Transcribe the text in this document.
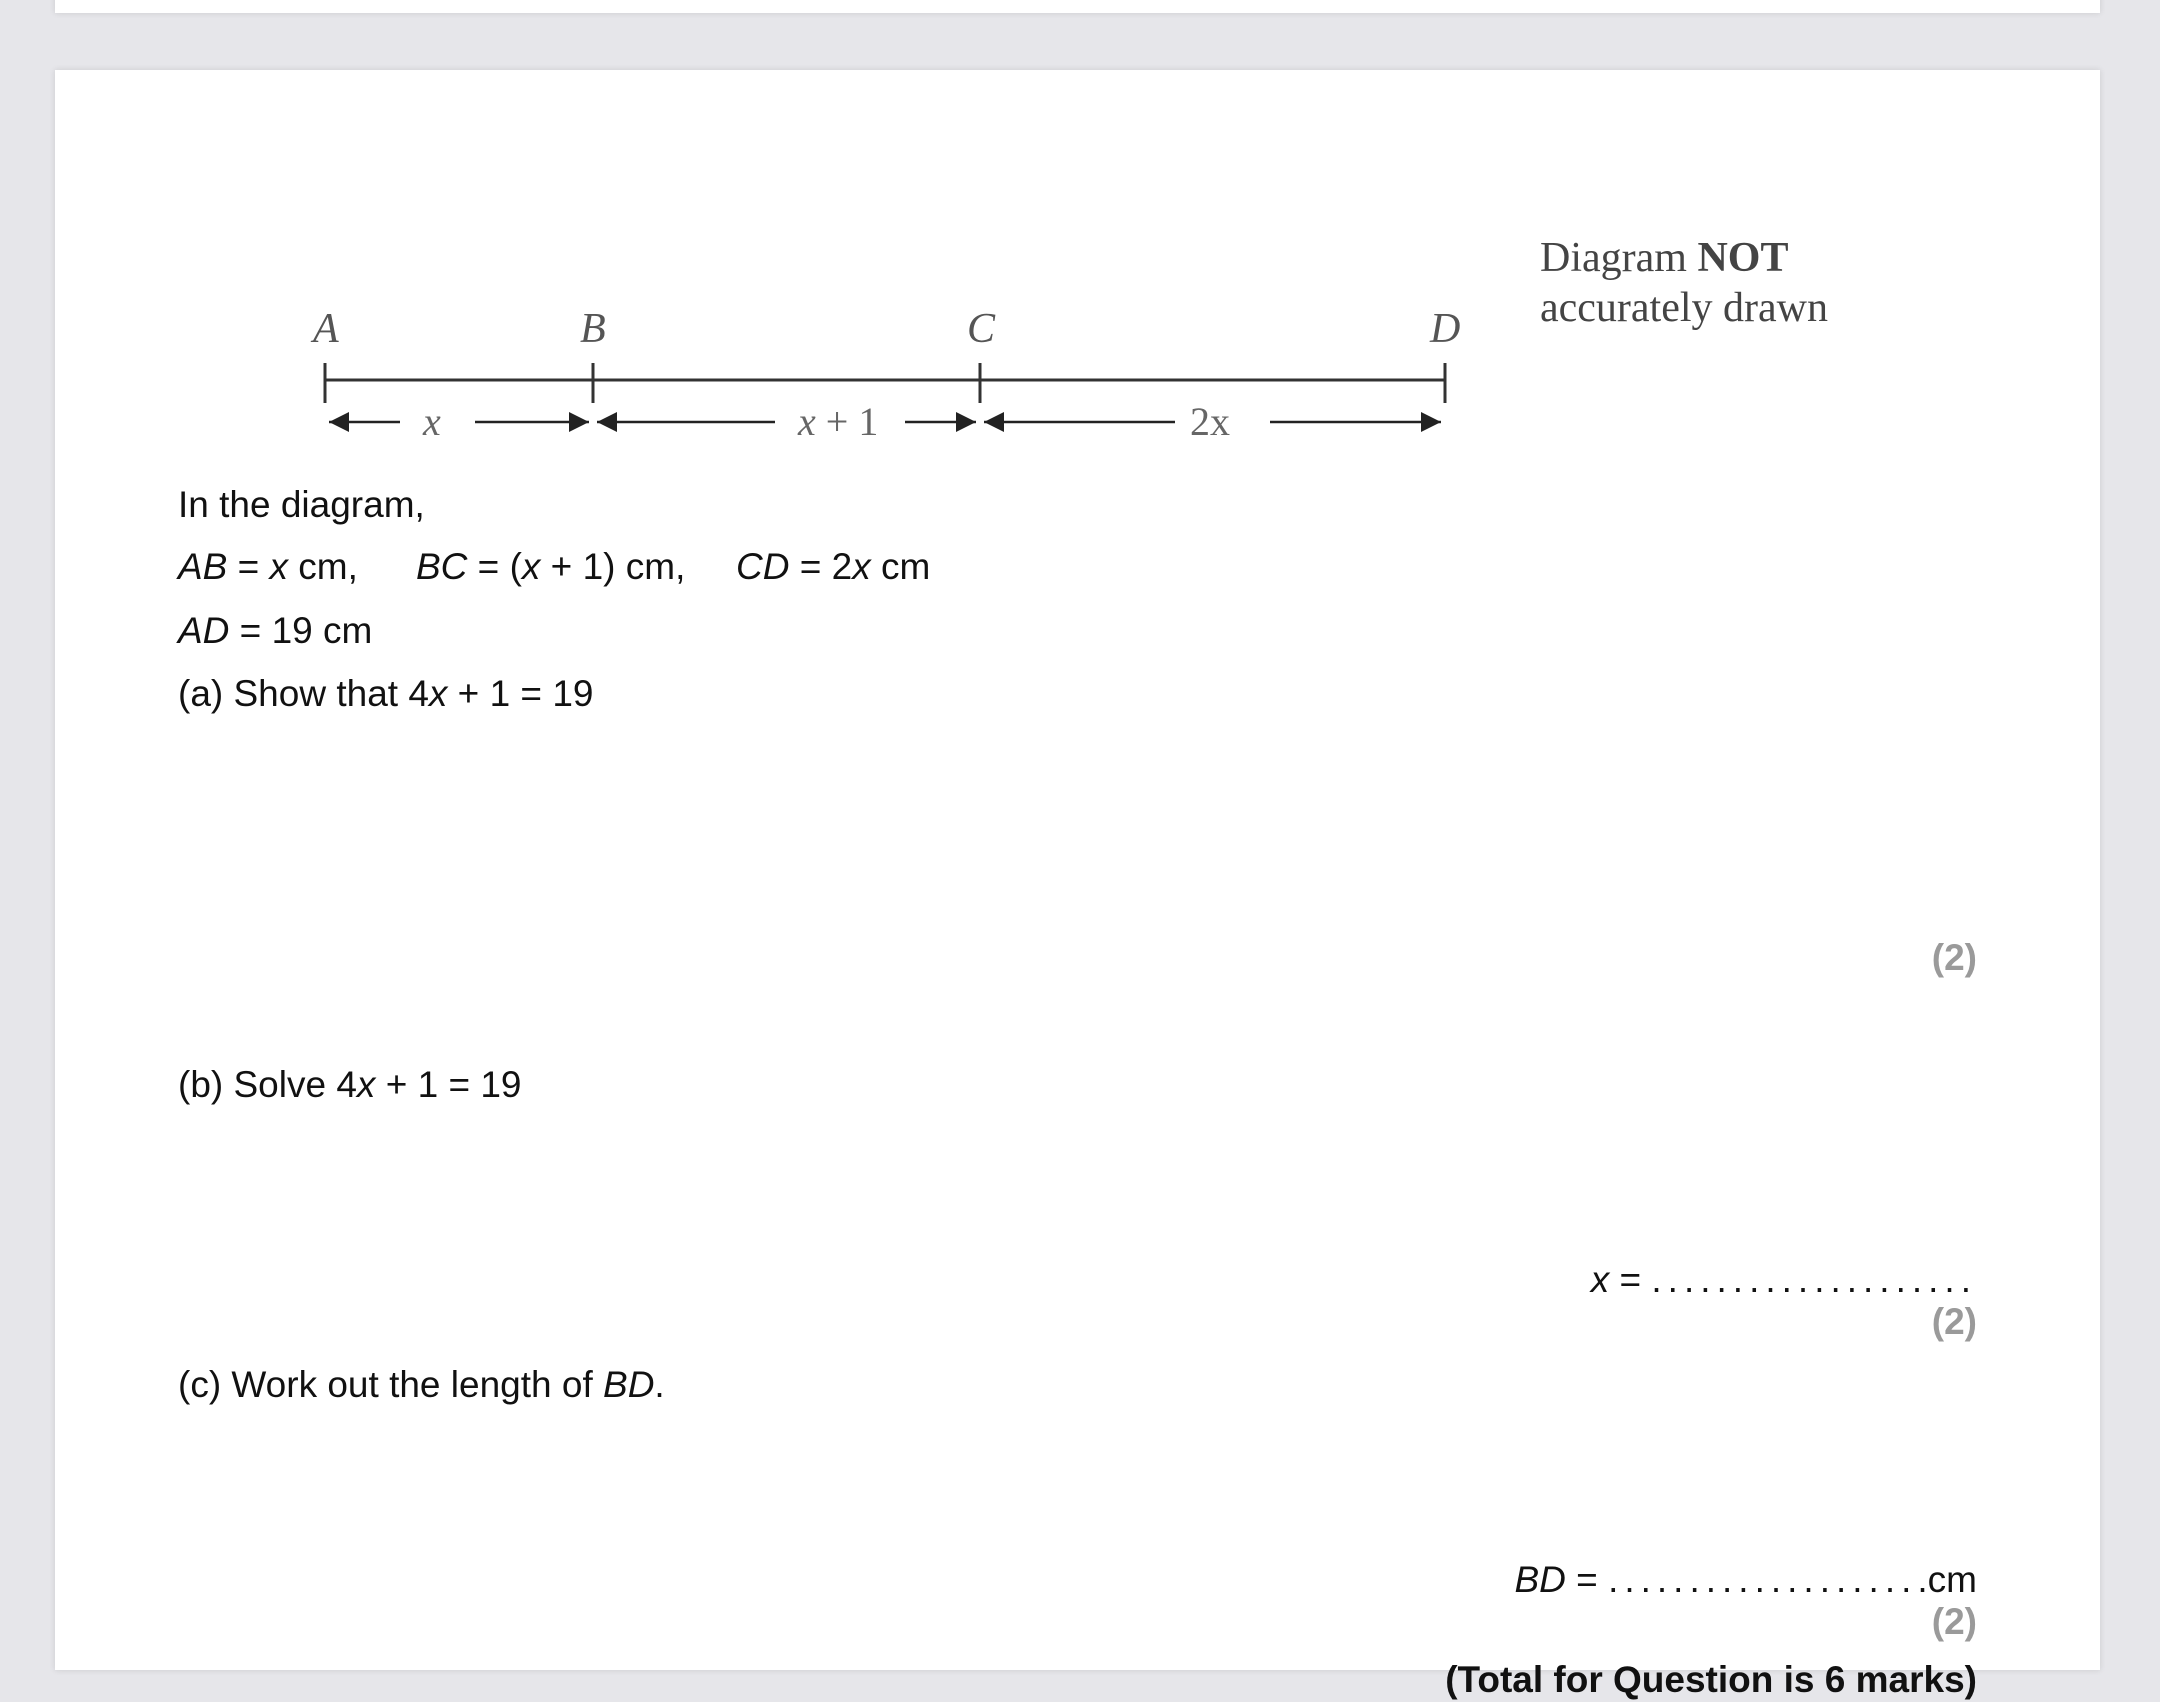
A	B	C	D
x	x + 1	2x
Diagram NOT
accurately drawn
In the diagram,
AB = x cm, BC = (x + 1) cm, CD = 2x cm
AD = 19 cm
(a) Show that 4x + 1 = 19
(2)
(b) Solve 4x + 1 = 19
x = ....................
(2)
(c) Work out the length of BD.
BD = ....................cm
(2)
(Total for Question is 6 marks)
